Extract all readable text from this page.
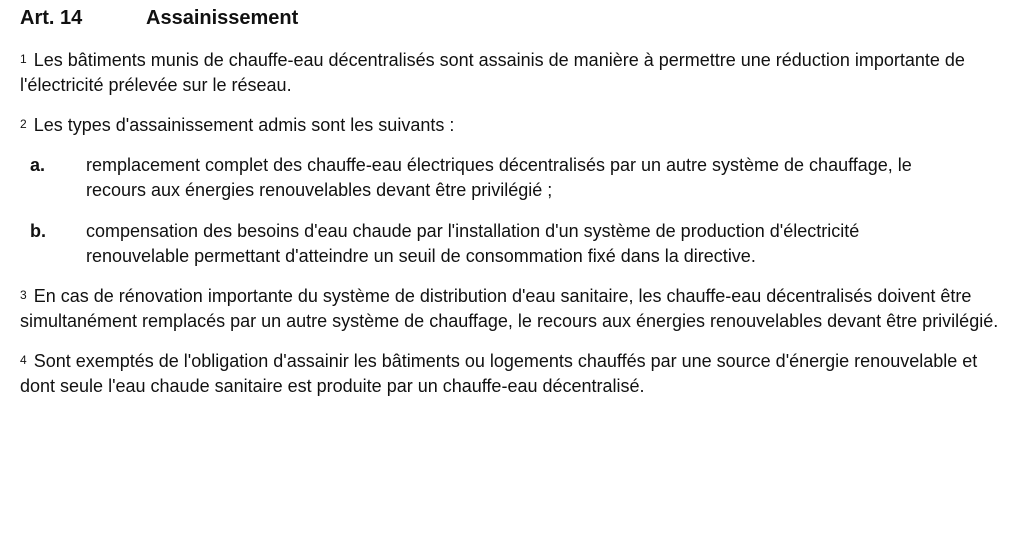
Art. 14	Assainissement

$^1$ Les bâtiments munis de chauffe-eau décentralisés sont assainis de manière à permettre une réduction importante de l'électricité prélevée sur le réseau.

$^2$ Les types d'assainissement admis sont les suivants :

a.	remplacement complet des chauffe-eau électriques décentralisés par un autre système de chauffage, le recours aux énergies renouvelables devant être privilégié ;
b.	compensation des besoins d'eau chaude par l'installation d'un système de production d'électricité renouvelable permettant d'atteindre un seuil de consommation fixé dans la directive.

$^3$ En cas de rénovation importante du système de distribution d'eau sanitaire, les chauffe-eau décentralisés doivent être simultanément remplacés par un autre système de chauffage, le recours aux énergies renouvelables devant être privilégié.

$^4$ Sont exemptés de l'obligation d'assainir les bâtiments ou logements chauffés par une source d'énergie renouvelable et dont seule l'eau chaude sanitaire est produite par un chauffe-eau décentralisé.
